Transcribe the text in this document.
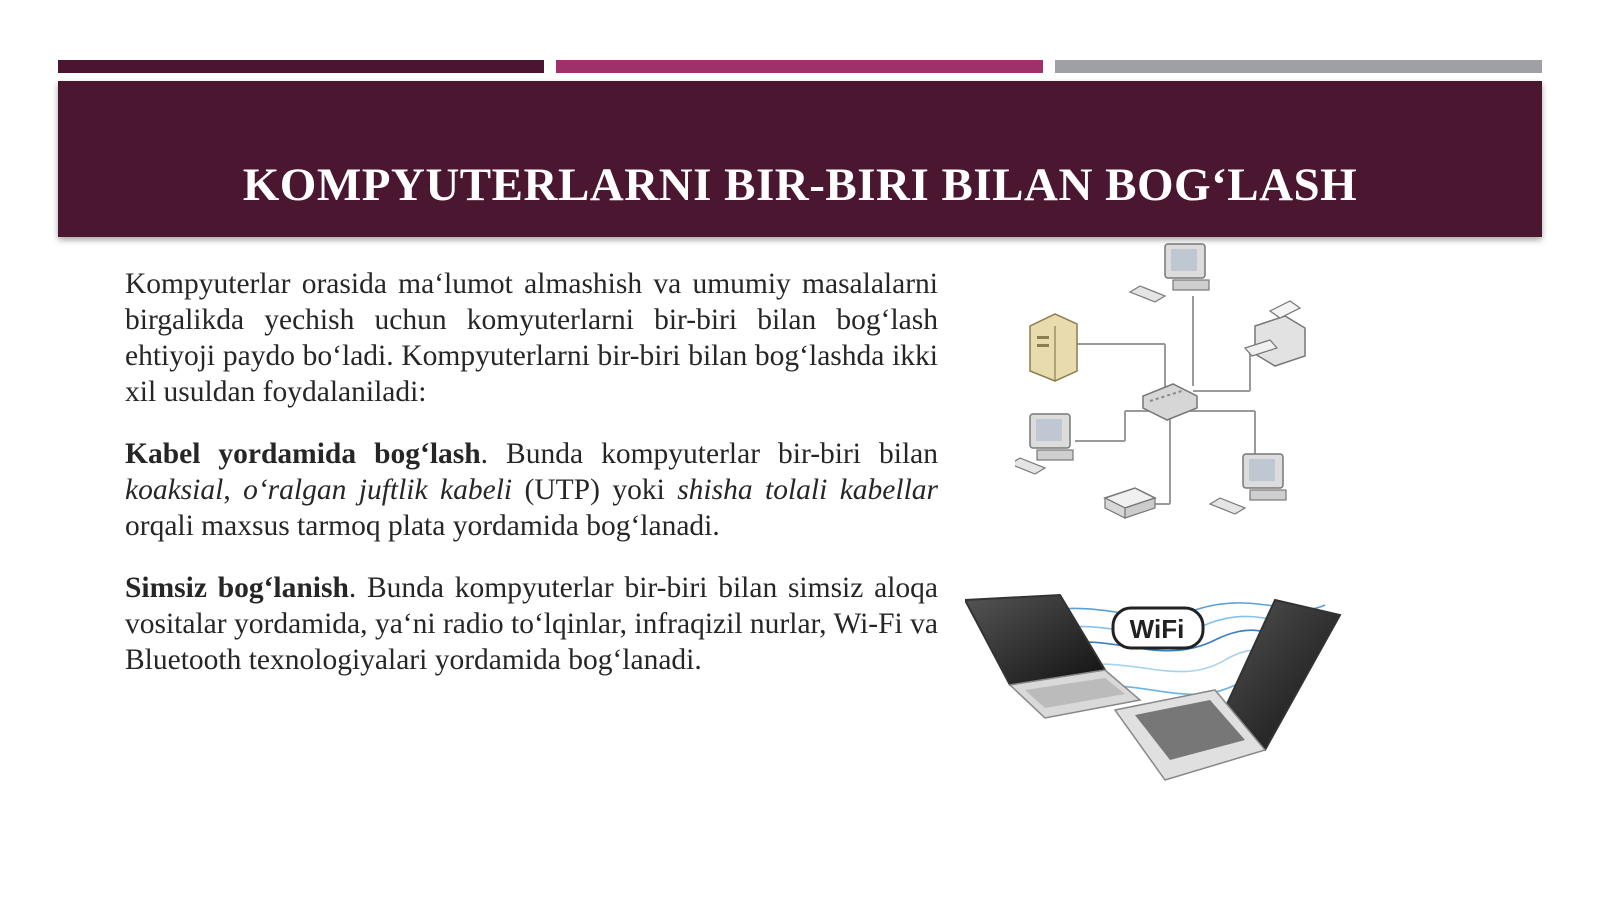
KOMPYUTERLARNI BIR-BIRI BILAN BOG‘LASH

Kompyuterlar orasida ma‘lumot almashish va umumiy masalalarni birgalikda yechish uchun komyuterlarni bir-biri bilan bog‘lash ehtiyoji paydo bo‘ladi. Kompyuterlarni bir-biri bilan bog‘lashda ikki xil usuldan foydalaniladi:

Kabel yordamida bog‘lash. Bunda kompyuterlar bir-biri bilan koaksial, o‘ralgan juftlik kabeli (UTP) yoki shisha tolali kabellar orqali maxsus tarmoq plata yordamida bog‘lanadi.

Simsiz bog‘lanish. Bunda kompyuterlar bir-biri bilan simsiz aloqa vositalar yordamida, ya‘ni radio to‘lqinlar, infraqizil nurlar, Wi-Fi va Bluetooth texnologiyalari yordamida bog‘lanadi.

WiFi
